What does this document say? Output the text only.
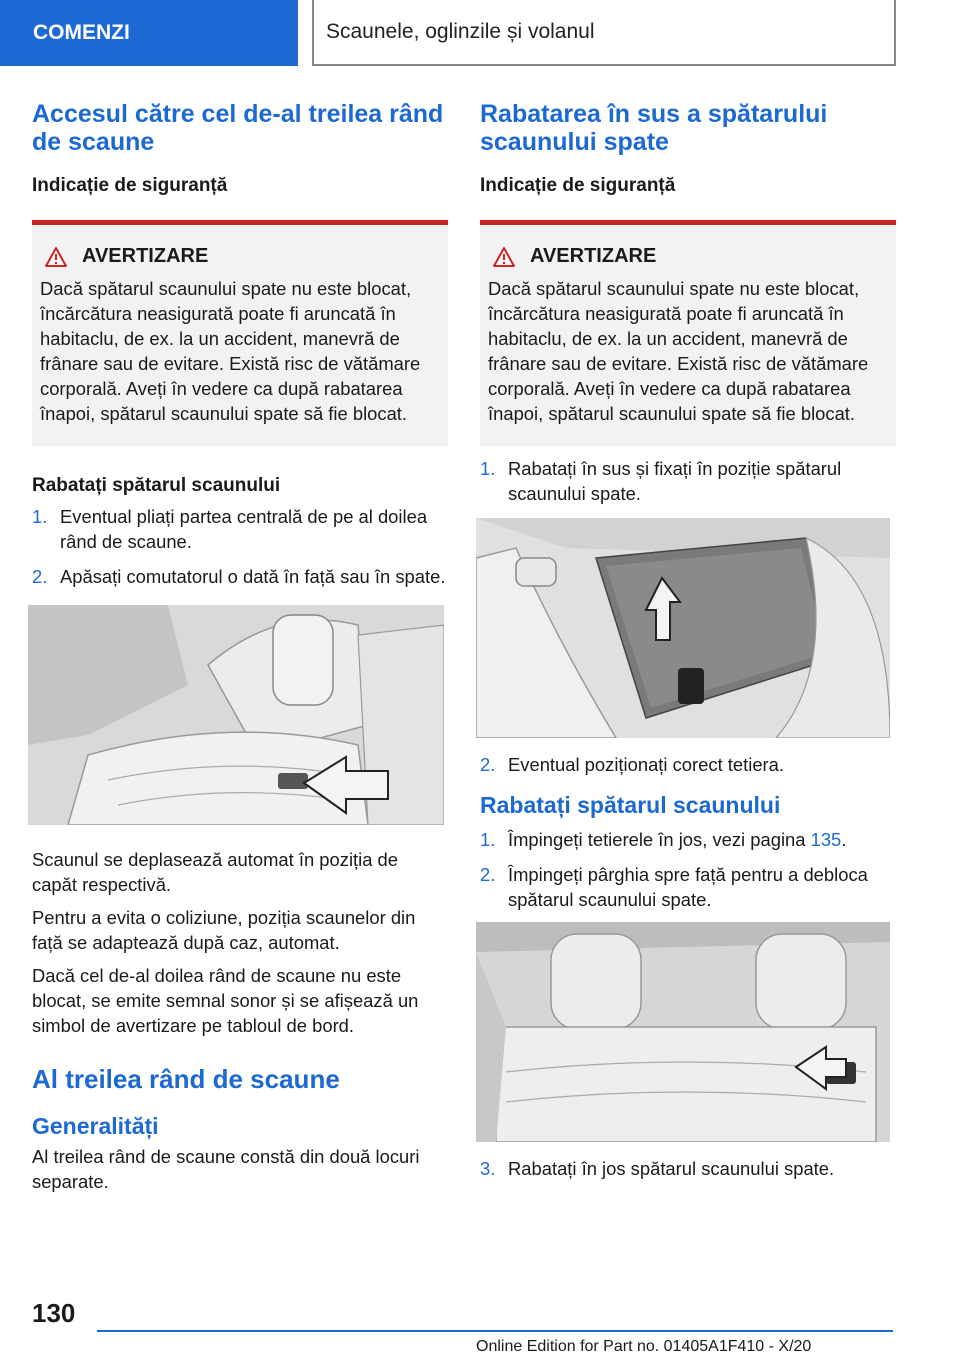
COMENZI	Scaunele, oglinzile și volanul
Accesul către cel de-al treilea rând de scaune
Indicație de siguranță
AVERTIZARE

Dacă spătarul scaunului spate nu este blocat, încărcătura neasigurată poate fi aruncată în habitaclu, de ex. la un accident, manevră de frânare sau de evitare. Există risc de vătămare corporală. Aveți în vedere ca după rabatarea înapoi, spătarul scaunului spate să fie blocat.

Rabatați spătarul scaunului
1. Eventual pliați partea centrală de pe al doilea rând de scaune.
2. Apăsați comutatorul o dată în față sau în spate.

Scaunul se deplasează automat în poziția de capăt respectivă.

Pentru a evita o coliziune, poziția scaunelor din față se adaptează după caz, automat.

Dacă cel de-al doilea rând de scaune nu este blocat, se emite semnal sonor și se afișează un simbol de avertizare pe tabloul de bord.

Al treilea rând de scaune
Generalități

Al treilea rând de scaune constă din două locuri separate.

Rabatarea în sus a spătarului scaunului spate
Indicație de siguranță
AVERTIZARE

Dacă spătarul scaunului spate nu este blocat, încărcătura neasigurată poate fi aruncată în habitaclu, de ex. la un accident, manevră de frânare sau de evitare. Există risc de vătămare corporală. Aveți în vedere ca după rabatarea înapoi, spătarul scaunului spate să fie blocat.

1. Rabatați în sus și fixați în poziție spătarul scaunului spate.
2. Eventual poziționați corect tetiera.
Rabatați spătarul scaunului
1. Împingeți tetierele în jos, vezi pagina 135.
2. Împingeți pârghia spre față pentru a debloca spătarul scaunului spate.
3. Rabatați în jos spătarul scaunului spate.
130
Online Edition for Part no. 01405A1F410 - X/20
